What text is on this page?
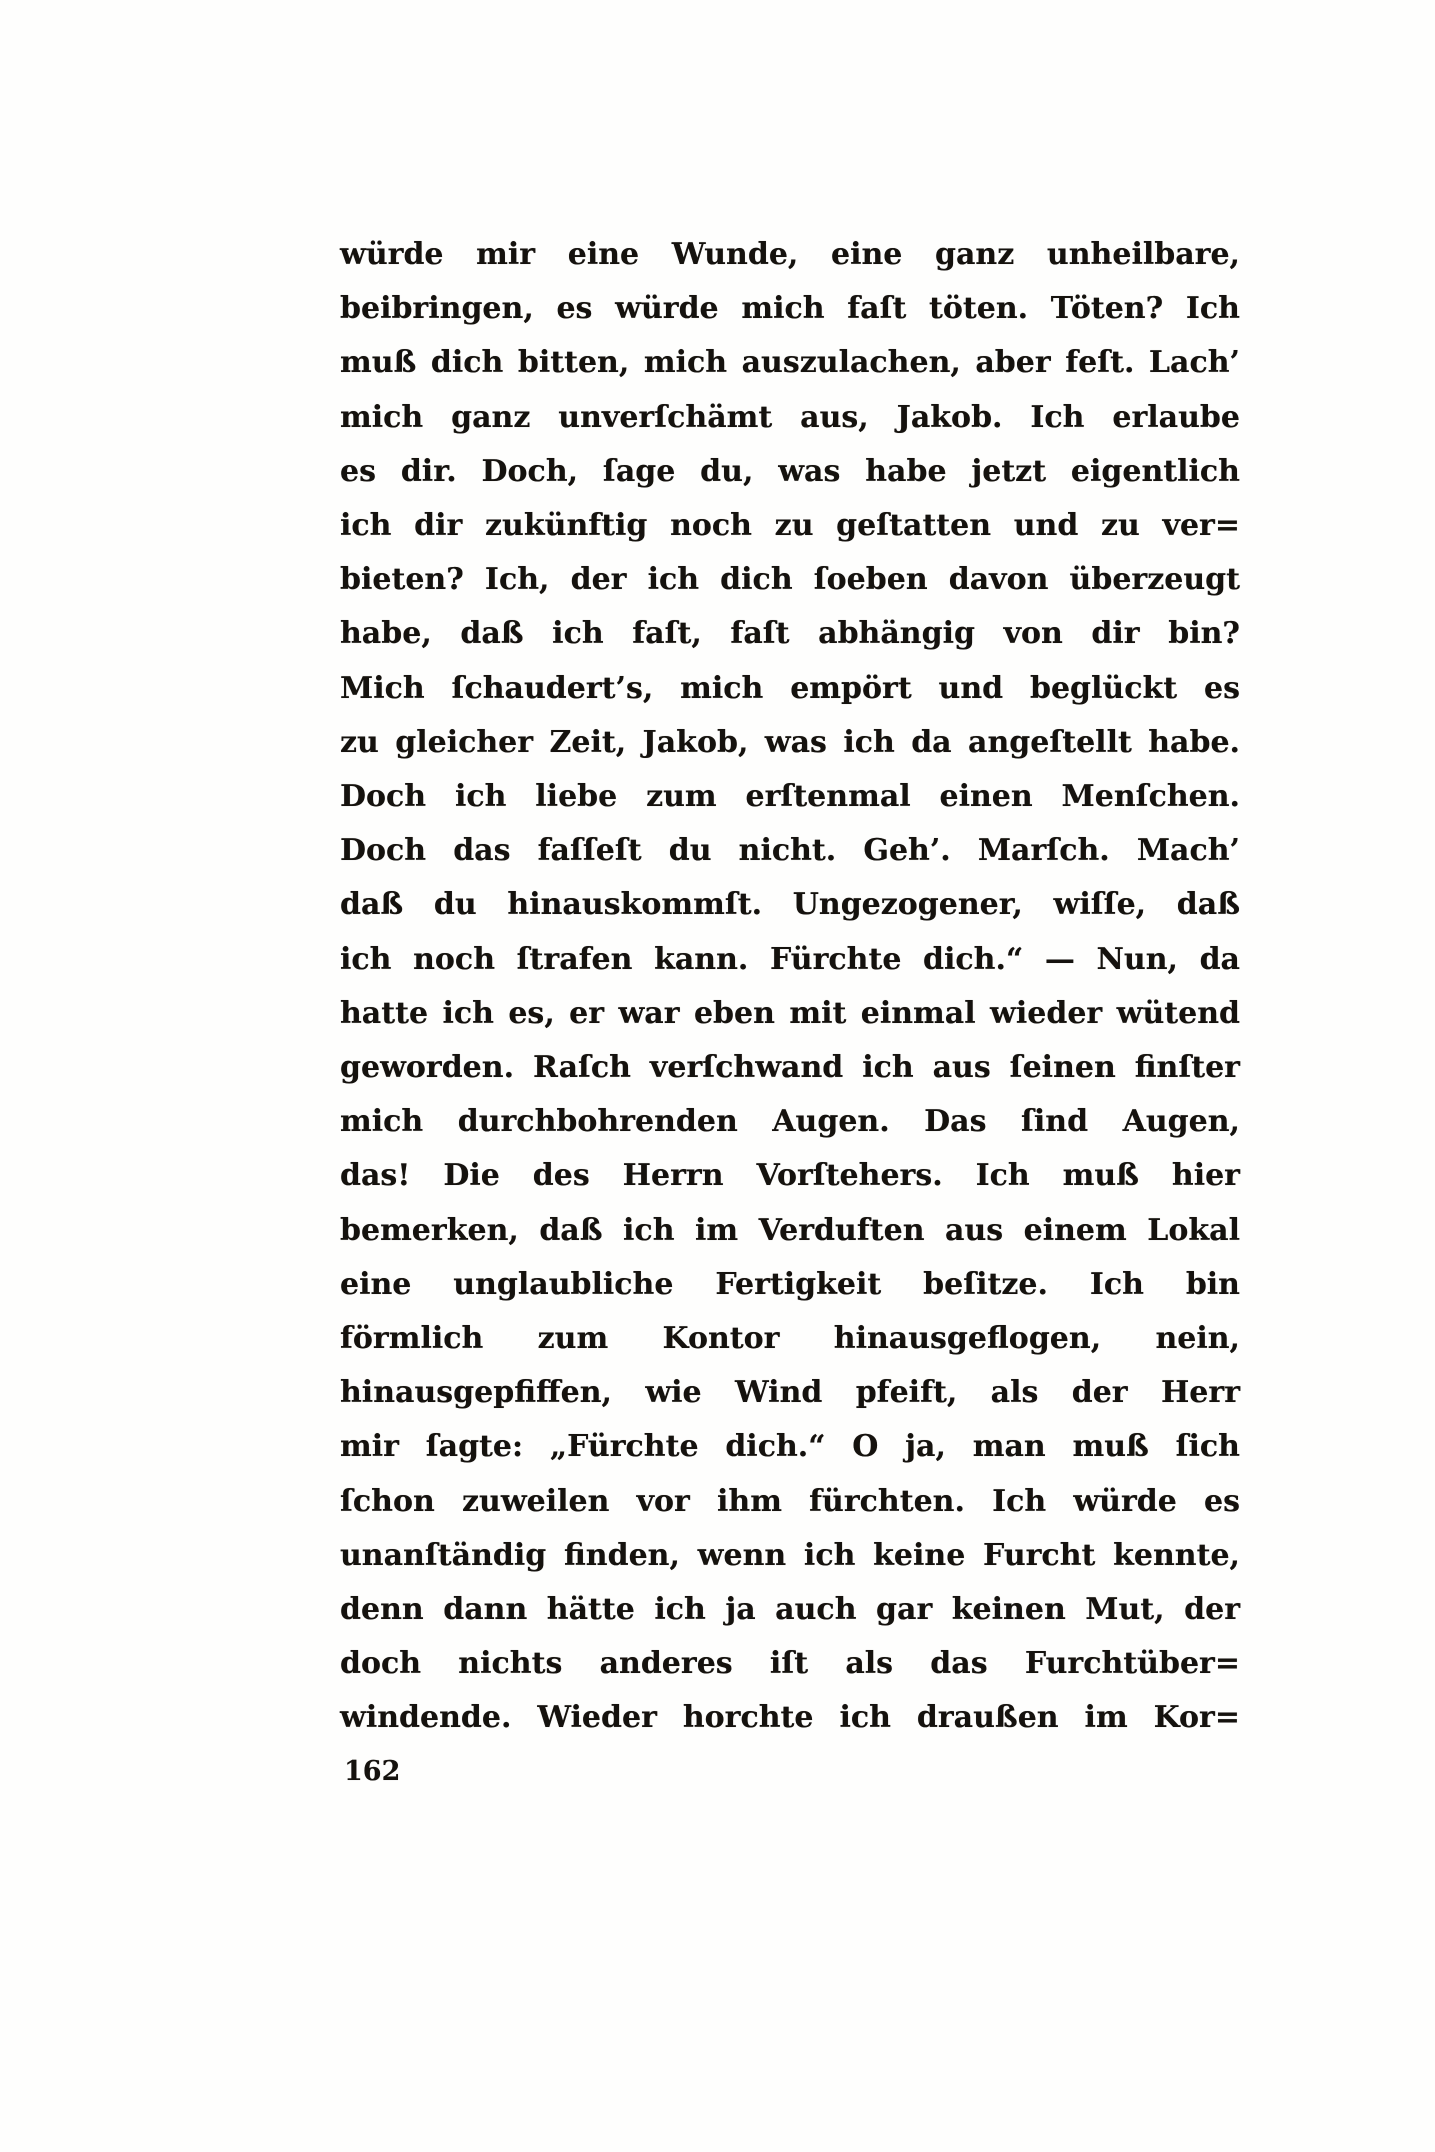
würde mir eine Wunde, eine ganz unheilbare,

beibringen, es würde mich faſt töten. Töten? Ich

muß dich bitten, mich auszulachen, aber feſt. Lach’

mich ganz unverſchämt aus, Jakob. Ich erlaube

es dir. Doch, ſage du, was habe jetzt eigentlich

ich dir zukünftig noch zu geſtatten und zu ver=

bieten? Ich, der ich dich ſoeben davon überzeugt

habe, daß ich faſt, faſt abhängig von dir bin?

Mich ſchaudert’s, mich empört und beglückt es

zu gleicher Zeit, Jakob, was ich da angeſtellt habe.

Doch ich liebe zum erſtenmal einen Menſchen.

Doch das faſſeſt du nicht. Geh’. Marſch. Mach’

daß du hinauskommſt. Ungezogener, wiſſe, daß

ich noch ſtrafen kann. Fürchte dich.“ — Nun, da

hatte ich es, er war eben mit einmal wieder wütend

geworden. Raſch verſchwand ich aus ſeinen finſter

mich durchbohrenden Augen. Das ſind Augen,

das! Die des Herrn Vorſtehers. Ich muß hier

bemerken, daß ich im Verduften aus einem Lokal

eine unglaubliche Fertigkeit beſitze. Ich bin

förmlich zum Kontor hinausgeflogen, nein,

hinausgepfiffen, wie Wind pfeift, als der Herr

mir ſagte: „Fürchte dich.“ O ja, man muß ſich

ſchon zuweilen vor ihm fürchten. Ich würde es

unanſtändig finden, wenn ich keine Furcht kennte,

denn dann hätte ich ja auch gar keinen Mut, der

doch nichts anderes iſt als das Furchtüber=

windende. Wieder horchte ich draußen im Kor=

162
